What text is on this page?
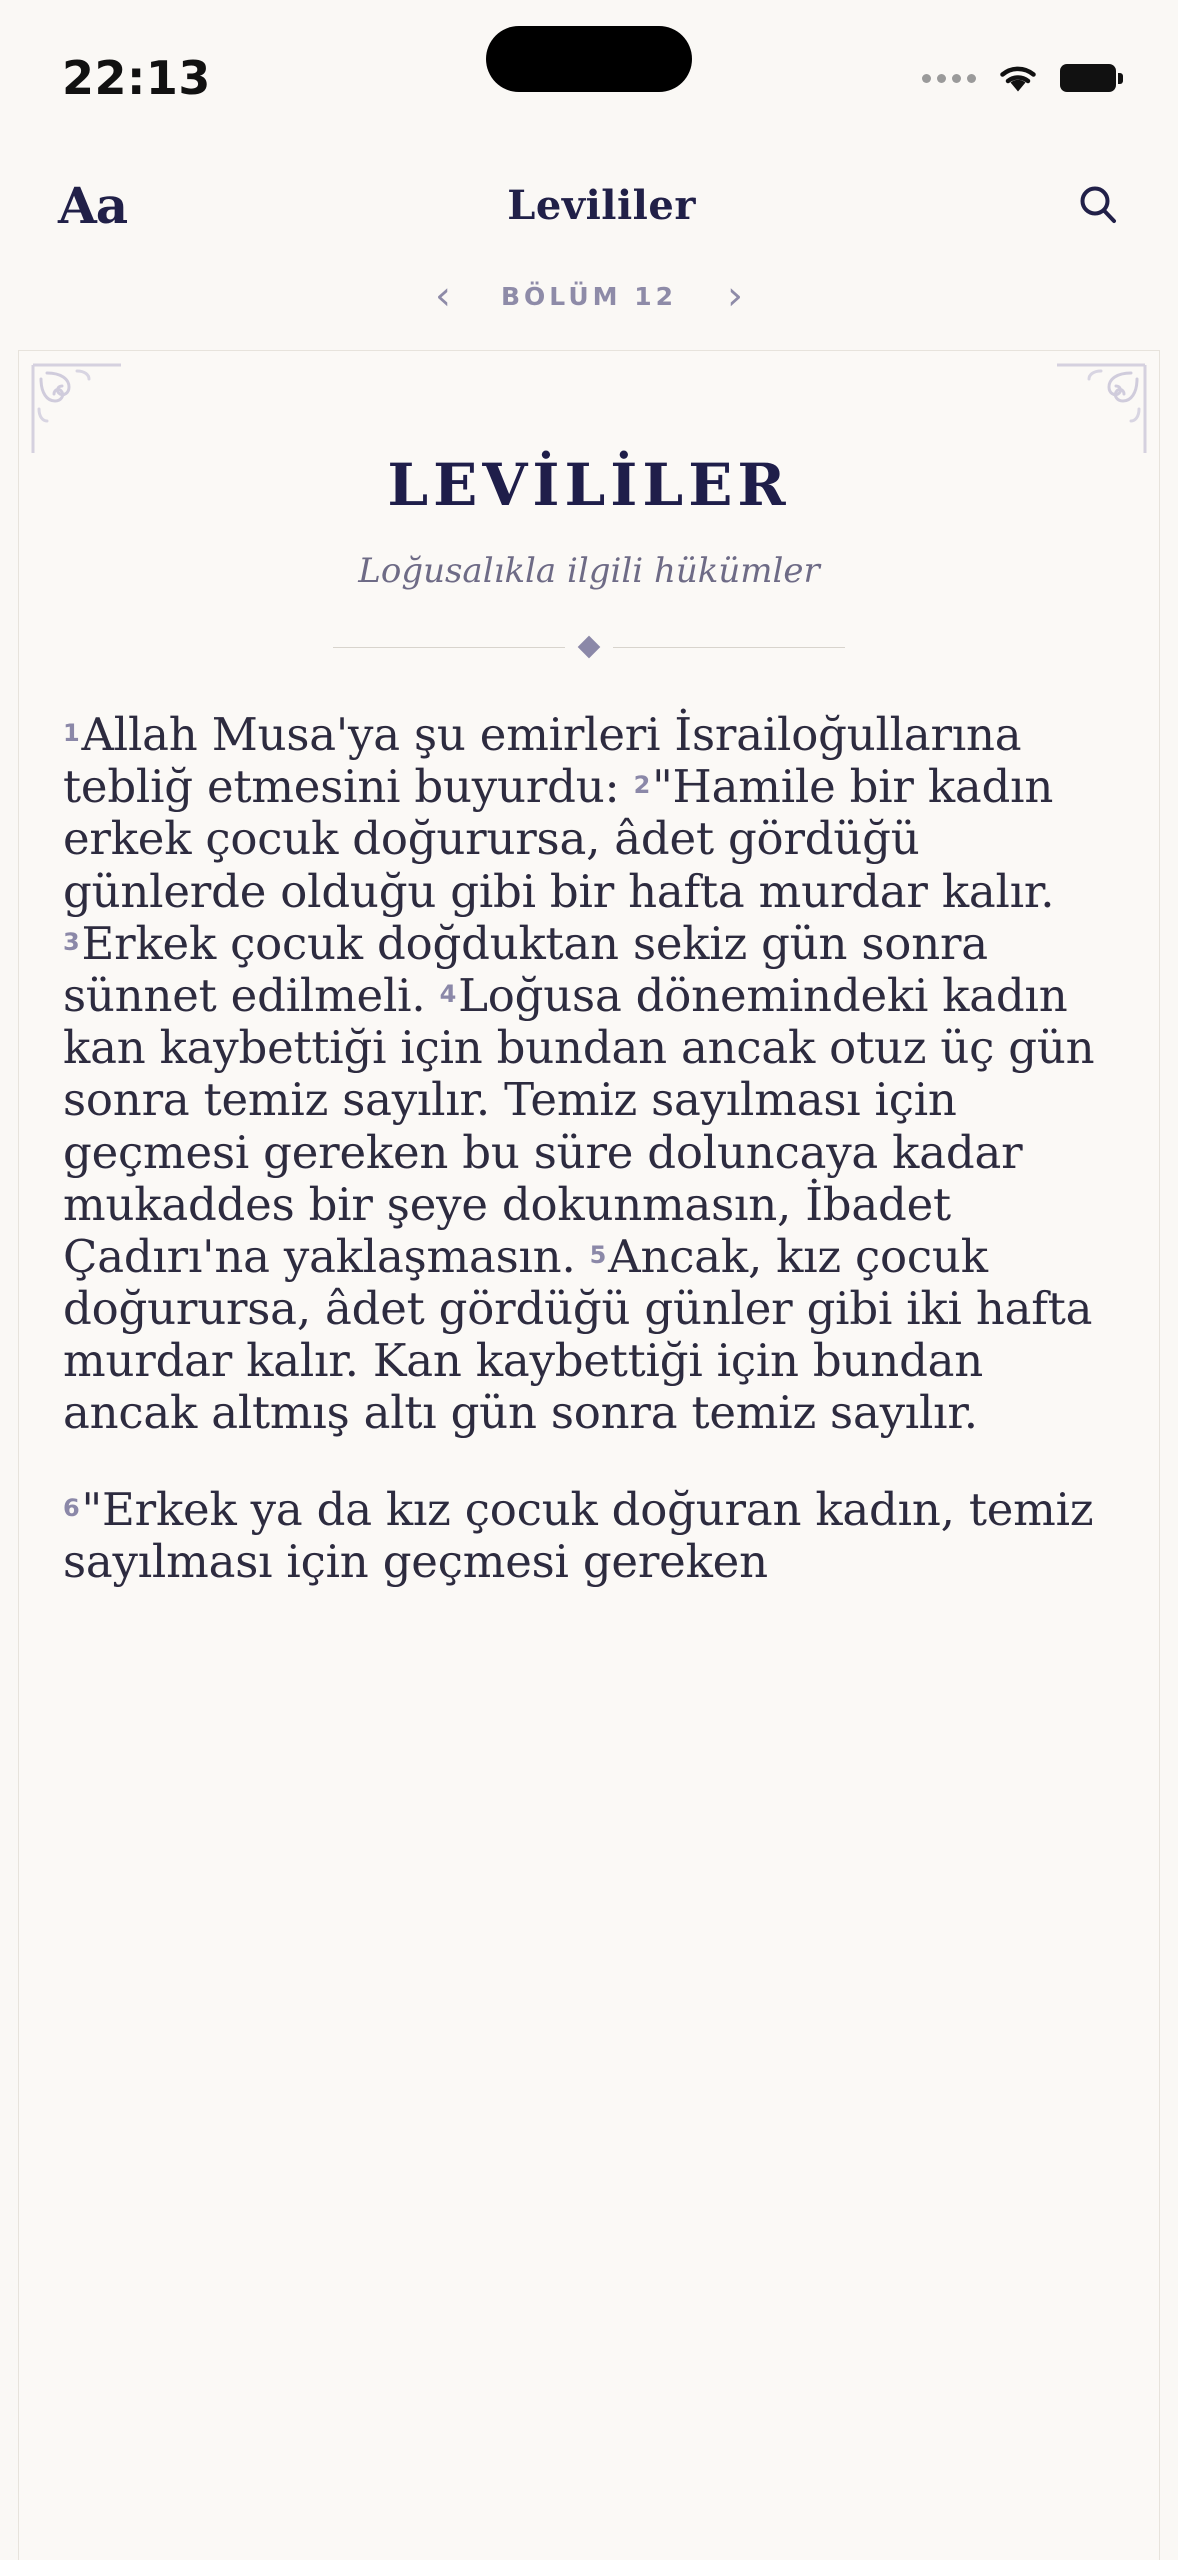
22:13
Aa	Levililer
‹ BÖLÜM 12 ›
LEVİLİLER
Loğusalıkla ilgili hükümler

$^1$Allah Musa'ya şu emirleri İsrailoğullarına tebliğ etmesini buyurdu: $^2$"Hamile bir kadın erkek çocuk doğurursa, âdet gördüğü günlerde olduğu gibi bir hafta murdar kalır. $^3$Erkek çocuk doğduktan sekiz gün sonra sünnet edilmeli. $^4$Loğusa dönemindeki kadın kan kaybettiği için bundan ancak otuz üç gün sonra temiz sayılır. Temiz sayılması için geçmesi gereken bu süre doluncaya kadar mukaddes bir şeye dokunmasın, İbadet Çadırı'na yaklaşmasın. $^5$Ancak, kız çocuk doğurursa, âdet gördüğü günler gibi iki hafta murdar kalır. Kan kaybettiği için bundan ancak altmış altı gün sonra temiz sayılır.

$^6$"Erkek ya da kız çocuk doğuran kadın, temiz sayılması için geçmesi gereken
